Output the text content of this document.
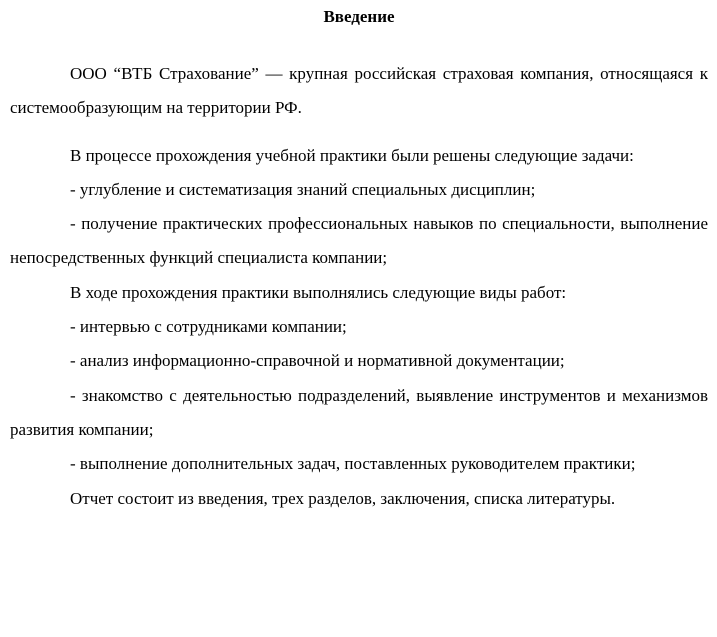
Введение

ООО “ВТБ Страхование” — крупная российская страховая компания, относящаяся к системообразующим на территории РФ.

В процессе прохождения учебной практики были решены следующие задачи:

- углубление и систематизация знаний специальных дисциплин;

- получение практических профессиональных навыков по специальности, выполнение непосредственных функций специалиста компании;

В ходе прохождения практики выполнялись следующие виды работ:

- интервью с сотрудниками компании;

- анализ информационно-справочной и нормативной документации;

- знакомство с деятельностью подразделений, выявление инструментов и механизмов развития компании;

- выполнение дополнительных задач, поставленных руководителем практики;

Отчет состоит из введения, трех разделов, заключения, списка литературы.
